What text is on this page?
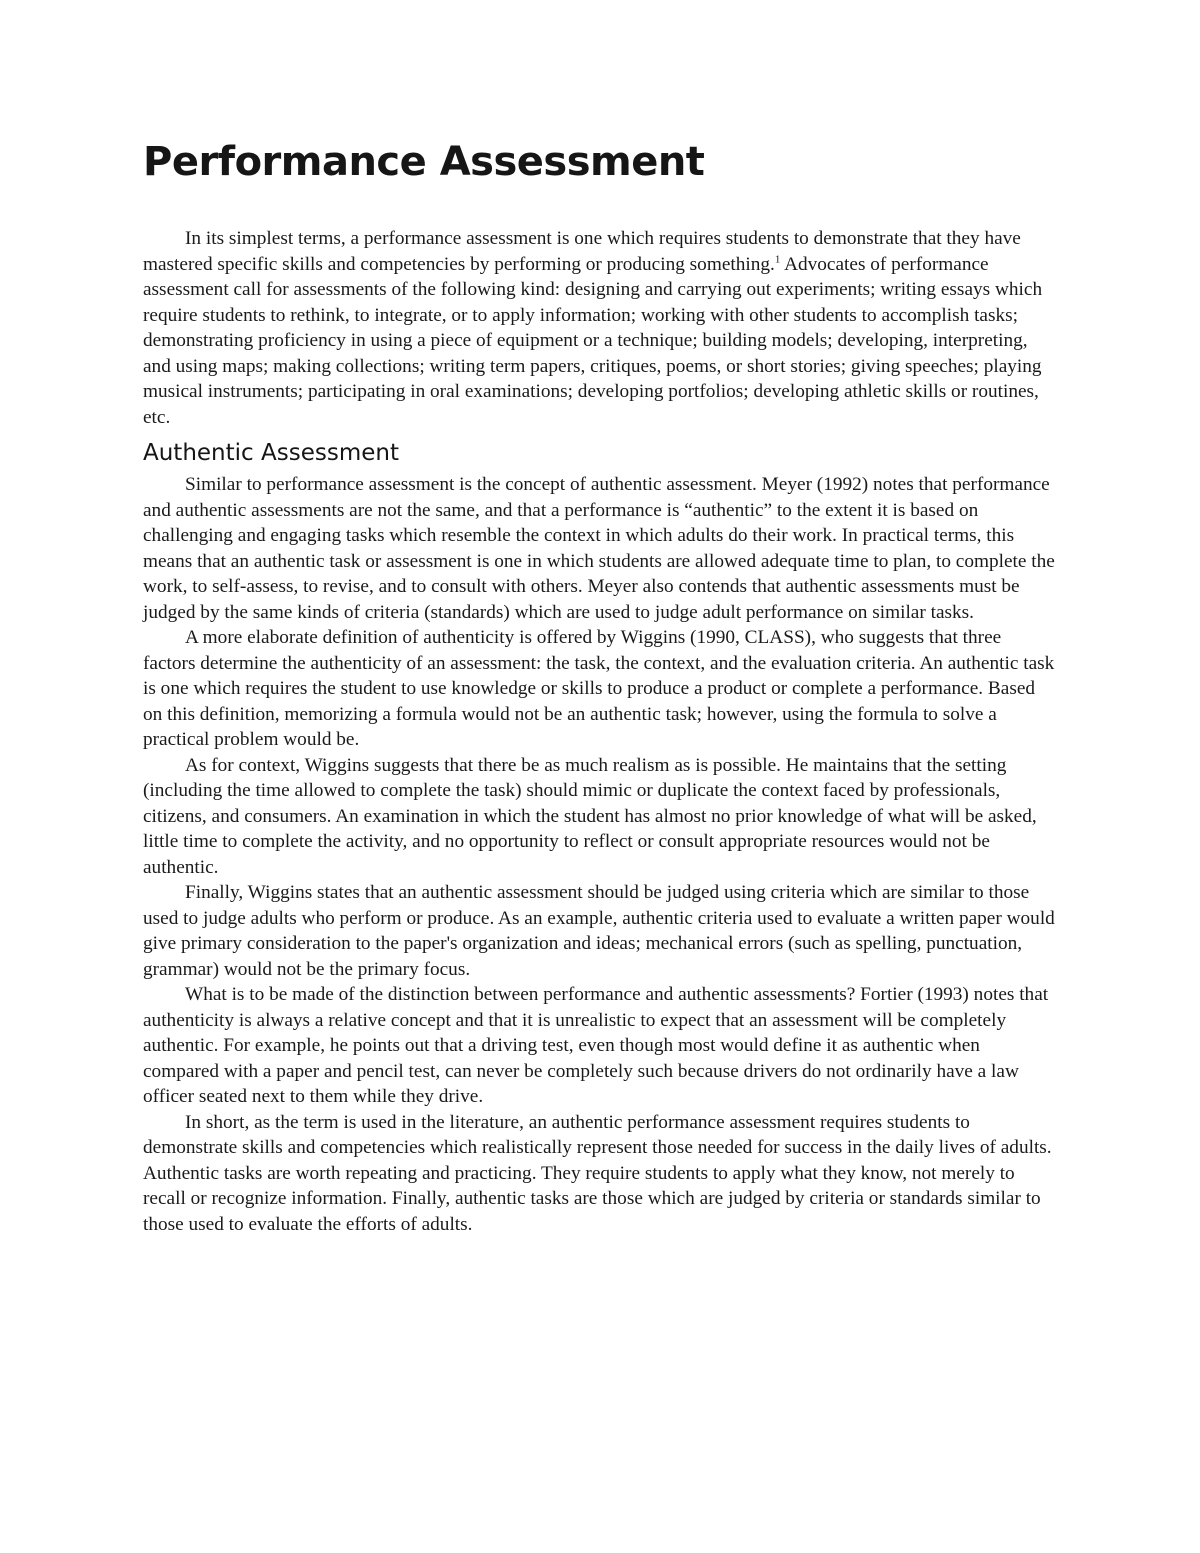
Performance Assessment

In its simplest terms, a performance assessment is one which requires students to demonstrate that they have mastered specific skills and competencies by performing or producing something.$^1$ Advocates of performance assessment call for assessments of the following kind: designing and carrying out experiments; writing essays which require students to rethink, to integrate, or to apply information; working with other students to accomplish tasks; demonstrating proficiency in using a piece of equipment or a technique; building models; developing, interpreting, and using maps; making collections; writing term papers, critiques, poems, or short stories; giving speeches; playing musical instruments; participating in oral examinations; developing portfolios; developing athletic skills or routines, etc.

Authentic Assessment

Similar to performance assessment is the concept of authentic assessment. Meyer (1992) notes that performance and authentic assessments are not the same, and that a performance is “authentic” to the extent it is based on challenging and engaging tasks which resemble the context in which adults do their work. In practical terms, this means that an authentic task or assessment is one in which students are allowed adequate time to plan, to complete the work, to self-assess, to revise, and to consult with others. Meyer also contends that authentic assessments must be judged by the same kinds of criteria (standards) which are used to judge adult performance on similar tasks.

A more elaborate definition of authenticity is offered by Wiggins (1990, CLASS), who suggests that three factors determine the authenticity of an assessment: the task, the context, and the evaluation criteria. An authentic task is one which requires the student to use knowledge or skills to produce a product or complete a performance. Based on this definition, memorizing a formula would not be an authentic task; however, using the formula to solve a practical problem would be.

As for context, Wiggins suggests that there be as much realism as is possible. He maintains that the setting (including the time allowed to complete the task) should mimic or duplicate the context faced by professionals, citizens, and consumers. An examination in which the student has almost no prior knowledge of what will be asked, little time to complete the activity, and no opportunity to reflect or consult appropriate resources would not be authentic.

Finally, Wiggins states that an authentic assessment should be judged using criteria which are similar to those used to judge adults who perform or produce. As an example, authentic criteria used to evaluate a written paper would give primary consideration to the paper's organization and ideas; mechanical errors (such as spelling, punctuation, grammar) would not be the primary focus.

What is to be made of the distinction between performance and authentic assessments? Fortier (1993) notes that authenticity is always a relative concept and that it is unrealistic to expect that an assessment will be completely authentic. For example, he points out that a driving test, even though most would define it as authentic when compared with a paper and pencil test, can never be completely such because drivers do not ordinarily have a law officer seated next to them while they drive.

In short, as the term is used in the literature, an authentic performance assessment requires students to demonstrate skills and competencies which realistically represent those needed for success in the daily lives of adults. Authentic tasks are worth repeating and practicing. They require students to apply what they know, not merely to recall or recognize information. Finally, authentic tasks are those which are judged by criteria or standards similar to those used to evaluate the efforts of adults.
